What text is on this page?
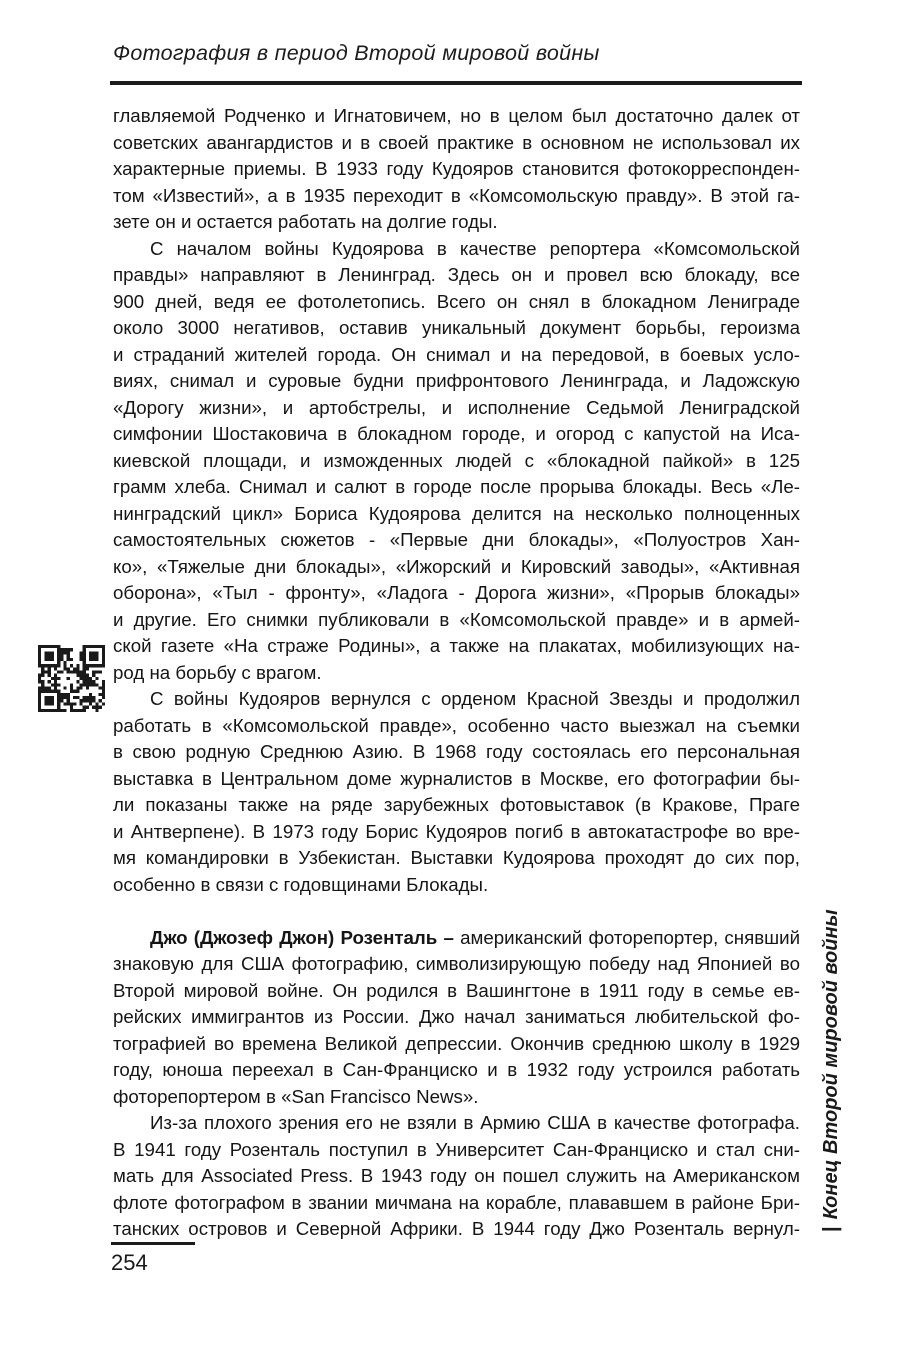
Фотография в период Второй мировой войны
главляемой Родченко и Игнатовичем, но в целом был достаточно далек от
советских авангардистов и в своей практике в основном не использовал их
характерные приемы. В 1933 году Кудояров становится фотокорреспонден-
том «Известий», а в 1935 переходит в «Комсомольскую правду». В этой га-
зете он и остается работать на долгие годы.
С началом войны Кудоярова в качестве репортера «Комсомольской
правды» направляют в Ленинград. Здесь он и провел всю блокаду, все
900 дней, ведя ее фотолетопись. Всего он снял в блокадном Лениграде
около 3000 негативов, оставив уникальный документ борьбы, героизма
и страданий жителей города. Он снимал и на передовой, в боевых усло-
виях, снимал и суровые будни прифронтового Ленинграда, и Ладожскую
«Дорогу жизни», и артобстрелы, и исполнение Седьмой Лениградской
симфонии Шостаковича в блокадном городе, и огород с капустой на Иса-
киевской площади, и изможденных людей с «блокадной пайкой» в 125
грамм хлеба. Снимал и салют в городе после прорыва блокады. Весь «Ле-
нинградский цикл» Бориса Кудоярова делится на несколько полноценных
самостоятельных сюжетов - «Первые дни блокады», «Полуостров Хан-
ко», «Тяжелые дни блокады», «Ижорский и Кировский заводы», «Активная
оборона», «Тыл - фронту», «Ладога - Дорога жизни», «Прорыв блокады»
и другие. Его снимки публиковали в «Комсомольской правде» и в армей-
ской газете «На страже Родины», а также на плакатах, мобилизующих на-
род на борьбу с врагом.
С войны Кудояров вернулся с орденом Красной Звезды и продолжил
работать в «Комсомольской правде», особенно часто выезжал на съемки
в свою родную Среднюю Азию. В 1968 году состоялась его персональная
выставка в Центральном доме журналистов в Москве, его фотографии бы-
ли показаны также на ряде зарубежных фотовыставок (в Кракове, Праге
и Антверпене). В 1973 году Борис Кудояров погиб в автокатастрофе во вре-
мя командировки в Узбекистан. Выставки Кудоярова проходят до сих пор,
особенно в связи с годовщинами Блокады.
Джо (Джозеф Джон) Розенталь – американский фоторепортер, снявший
знаковую для США фотографию, символизирующую победу над Японией во
Второй мировой войне. Он родился в Вашингтоне в 1911 году в семье ев-
рейских иммигрантов из России. Джо начал заниматься любительской фо-
тографией во времена Великой депрессии. Окончив среднюю школу в 1929
году, юноша переехал в Сан-Франциско и в 1932 году устроился работать
фоторепортером в «San Francisco News».
Из-за плохого зрения его не взяли в Армию США в качестве фотографа.
В 1941 году Розенталь поступил в Университет Сан-Франциско и стал сни-
мать для Associated Press. В 1943 году он пошел служить на Американском
флоте фотографом в звании мичмана на корабле, плававшем в районе Бри-
танских островов и Северной Африки. В 1944 году Джо Розенталь вернул- |Конец Второй мировой войны
254
